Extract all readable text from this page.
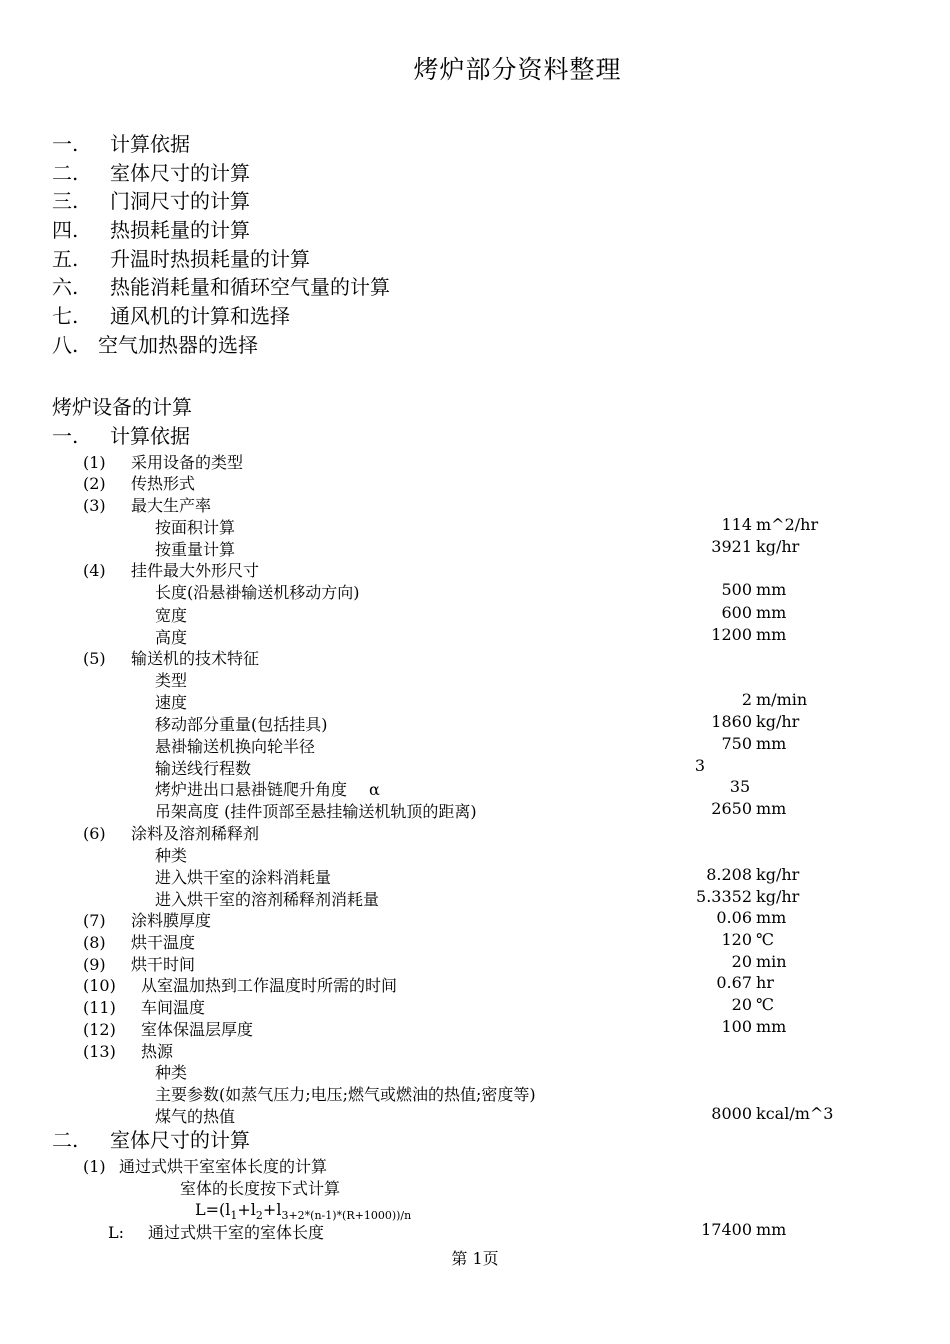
烤炉部分资料整理
一. 计算依据
二. 室体尺寸的计算
三. 门洞尺寸的计算
四. 热损耗量的计算
五. 升温时热损耗量的计算
六. 热能消耗量和循环空气量的计算
七. 通风机的计算和选择
八. 空气加热器的选择
烤炉设备的计算
一. 计算依据
(1) 采用设备的类型
(2) 传热形式
(3) 最大生产率
按面积计算	114 m^2/hr
按重量计算	3921 kg/hr
(4) 挂件最大外形尺寸
长度(沿悬褂输送机移动方向)	500 mm
宽度	600 mm
高度	1200 mm
(5) 输送机的技术特征
类型
速度	2 m/min
移动部分重量(包括挂具)	1860 kg/hr
悬褂输送机换向轮半径	750 mm
输送线行程数	3
烤炉进出口悬褂链爬升角度 α	35
吊架高度 (挂件顶部至悬挂输送机轨顶的距离)	2650 mm
(6) 涂料及溶剂稀释剂
种类
进入烘干室的涂料消耗量	8.208 kg/hr
进入烘干室的溶剂稀释剂消耗量	5.3352 kg/hr
(7) 涂料膜厚度	0.06 mm
(8) 烘干温度	120 ℃
(9) 烘干时间	20 min
(10) 从室温加热到工作温度时所需的时间	0.67 hr
(11) 车间温度	20 ℃
(12) 室体保温层厚度	100 mm
(13) 热源
种类
主要参数(如蒸气压力;电压;燃气或燃油的热值;密度等)
煤气的热值	8000 kcal/m^3
二. 室体尺寸的计算
(1) 通过式烘干室室体长度的计算
室体的长度按下式计算
$L=(l_1+l_2+l_{3+2*(n-1)*(R+1000))/n}$
L: 通过式烘干室的室体长度	17400 mm
第 1页
